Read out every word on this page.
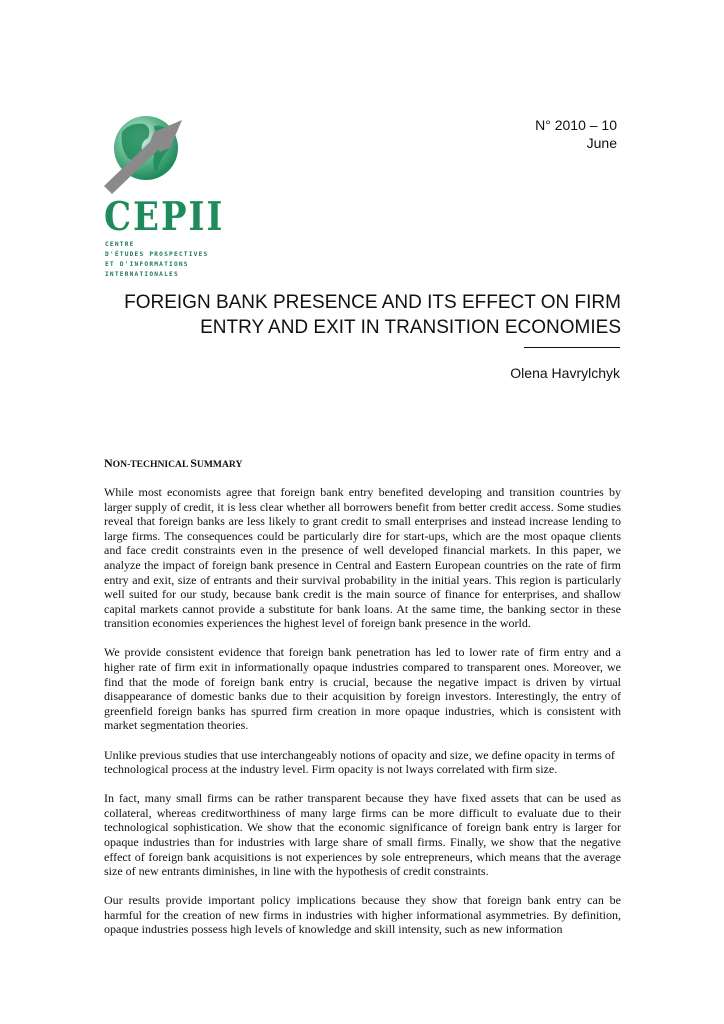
CEPII
CENTRE
D'ÉTUDES PROSPECTIVES
ET D'INFORMATIONS
INTERNATIONALES
N° 2010 – 10
June
FOREIGN BANK PRESENCE AND ITS EFFECT ON FIRM
ENTRY AND EXIT IN TRANSITION ECONOMIES
Olena Havrylchyk
NON-TECHNICAL SUMMARY

While most economists agree that foreign bank entry benefited developing and transition countries by larger supply of credit, it is less clear whether all borrowers benefit from better credit access. Some studies reveal that foreign banks are less likely to grant credit to small enterprises and instead increase lending to large firms. The consequences could be particularly dire for start-ups, which are the most opaque clients and face credit constraints even in the presence of well developed financial markets. In this paper, we analyze the impact of foreign bank presence in Central and Eastern European countries on the rate of firm entry and exit, size of entrants and their survival probability in the initial years. This region is particularly well suited for our study, because bank credit is the main source of finance for enterprises, and shallow capital markets cannot provide a substitute for bank loans. At the same time, the banking sector in these transition economies experiences the highest level of foreign bank presence in the world.

We provide consistent evidence that foreign bank penetration has led to lower rate of firm entry and a higher rate of firm exit in informationally opaque industries compared to transparent ones. Moreover, we find that the mode of foreign bank entry is crucial, because the negative impact is driven by virtual disappearance of domestic banks due to their acquisition by foreign investors. Interestingly, the entry of greenfield foreign banks has spurred firm creation in more opaque industries, which is consistent with market segmentation theories.

Unlike previous studies that use interchangeably notions of opacity and size, we define opacity in terms of technological process at the industry level. Firm opacity is not lways correlated with firm size.

In fact, many small firms can be rather transparent because they have fixed assets that can be used as collateral, whereas creditworthiness of many large firms can be more difficult to evaluate due to their technological sophistication. We show that the economic significance of foreign bank entry is larger for opaque industries than for industries with large share of small firms. Finally, we show that the negative effect of foreign bank acquisitions is not experiences by sole entrepreneurs, which means that the average size of new entrants diminishes, in line with the hypothesis of credit constraints.

Our results provide important policy implications because they show that foreign bank entry can be harmful for the creation of new firms in industries with higher informational asymmetries. By definition, opaque industries possess high levels of knowledge and skill intensity, such as new information
